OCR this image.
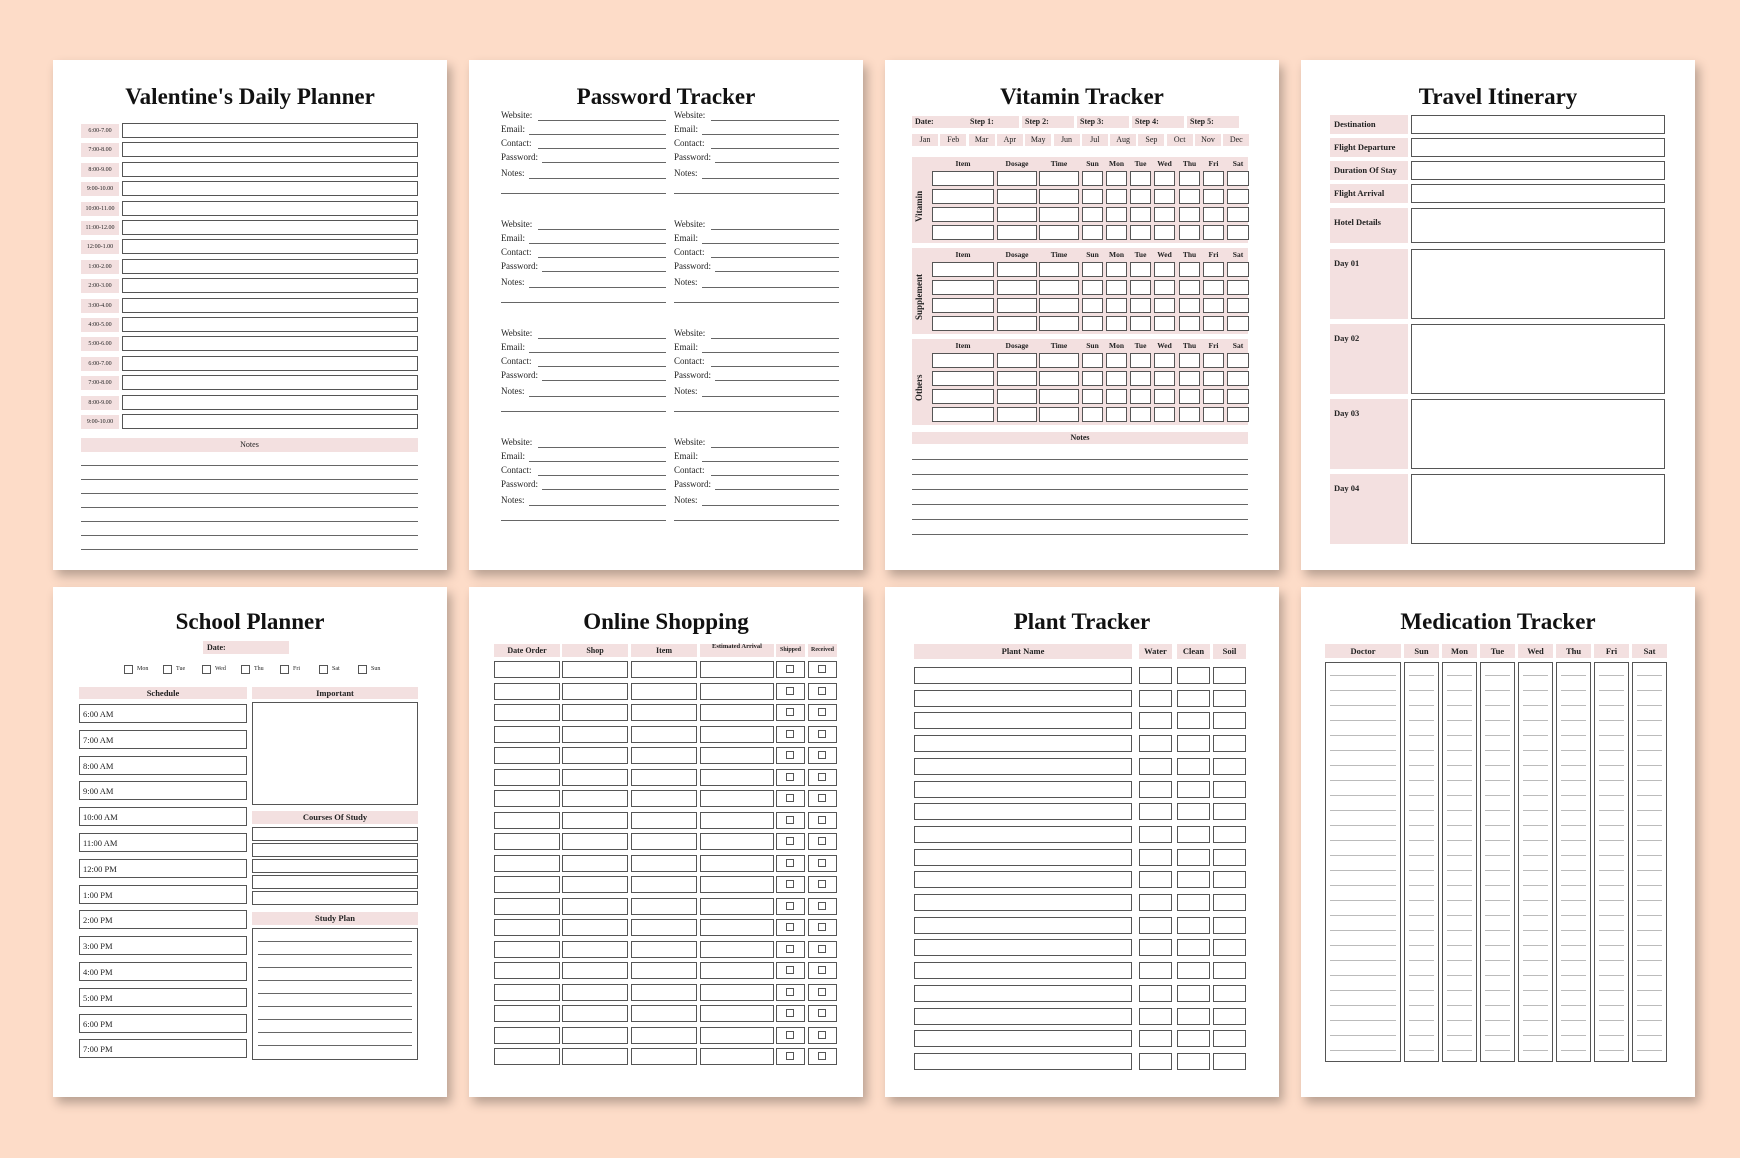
Valentine's Daily Planner
6:00-7.00
7:00-8.00
8:00-9.00
9:00-10.00
10:00-11.00
11:00-12.00
12:00-1.00
1:00-2.00
2:00-3.00
3:00-4.00
4:00-5.00
5:00-6.00
6:00-7.00
7:00-8.00
8:00-9.00
9:00-10.00
Notes
Password Tracker
Website:
Email:
Contact:
Password:
Notes:
Website:
Email:
Contact:
Password:
Notes:
Website:
Email:
Contact:
Password:
Notes:
Website:
Email:
Contact:
Password:
Notes:
Website:
Email:
Contact:
Password:
Notes:
Website:
Email:
Contact:
Password:
Notes:
Website:
Email:
Contact:
Password:
Notes:
Website:
Email:
Contact:
Password:
Notes:
Vitamin Tracker
Date:	Step 1:	Step 2:	Step 3:	Step 4:	Step 5:
Jan	Feb	Mar	Apr	May	Jun	Jul	Aug	Sep	Oct	Nov	Dec
Vitamin
Item	Dosage	Time	Sun	Mon	Tue	Wed	Thu	Fri	Sat
Supplement
Item	Dosage	Time	Sun	Mon	Tue	Wed	Thu	Fri	Sat
Others
Item	Dosage	Time	Sun	Mon	Tue	Wed	Thu	Fri	Sat
Notes
Travel Itinerary
Destination
Flight Departure
Duration Of Stay
Flight Arrival
Hotel Details
Day 01
Day 02
Day 03
Day 04
School Planner
Date:
Mon	Tue	Wed	Thu	Fri	Sat	Sun
Schedule	Important
6:00 AM
7:00 AM
8:00 AM
9:00 AM
10:00 AM
11:00 AM
12:00 PM
1:00 PM
2:00 PM
3:00 PM
4:00 PM
5:00 PM
6:00 PM
7:00 PM
Courses Of Study
Study Plan
Online Shopping
Date Order	Shop	Item	Estimated Arrival	Shipped	Received
Plant Tracker
Plant Name	Water	Clean	Soil
Medication Tracker
Doctor	Sun	Mon	Tue	Wed	Thu	Fri	Sat
